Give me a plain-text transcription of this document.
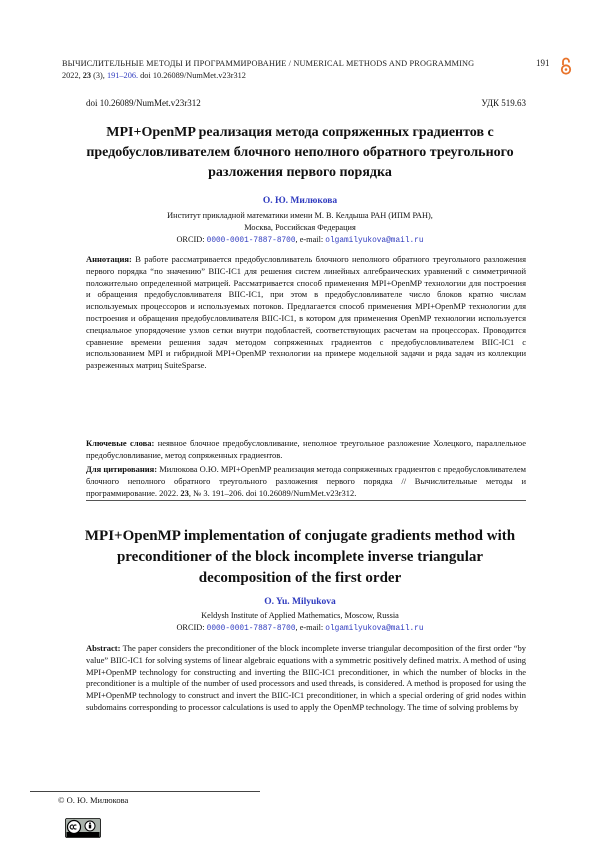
ВЫЧИСЛИТЕЛЬНЫЕ МЕТОДЫ И ПРОГРАММИРОВАНИЕ / NUMERICAL METHODS AND PROGRAMMING
2022, 23 (3), 191–206. doi 10.26089/NumMet.v23r312
191
doi 10.26089/NumMet.v23r312	УДК 519.63
MPI+OpenMP реализация метода сопряженных градиентов с предобусловливателем блочного неполного обратного треугольного разложения первого порядка
О. Ю. Милюкова
Институт прикладной математики имени М. В. Келдыша РАН (ИПМ РАН),
Москва, Российская Федерация
ORCID: 0000-0001-7887-8700, e-mail: olgamilyukova@mail.ru
Аннотация: В работе рассматривается предобусловливатель блочного неполного обратного треугольного разложения первого порядка “по значению” BIIC-IC1 для решения систем линейных алгебраических уравнений с симметричной положительно определенной матрицей. Рассматривается способ применения MPI+OpenMP технологии для построения и обращения предобусловливателя BIIC-IC1, при этом в предобусловливателе число блоков кратно числам используемых процессоров и используемых потоков. Предлагается способ применения MPI+OpenMP технологии для построения и обращения предобусловливателя BIIC-IC1, в котором для применения OpenMP технологии используется специальное упорядочение узлов сетки внутри подобластей, соответствующих расчетам на процессорах. Проводится сравнение времени решения задач методом сопряженных градиентов с предобусловливателем BIIC-IC1 с использованием MPI и гибридной MPI+OpenMP технологии на примере модельной задачи и ряда задач из коллекции разреженных матриц SuiteSparse.
Ключевые слова: неявное блочное предобусловливание, неполное треугольное разложение Холецкого, параллельное предобусловливание, метод сопряженных градиентов.
Для цитирования: Милюкова О.Ю. MPI+OpenMP реализация метода сопряженных градиентов с предобусловливателем блочного неполного обратного треугольного разложения первого порядка // Вычислительные методы и программирование. 2022. 23, № 3. 191–206. doi 10.26089/NumMet.v23r312.
MPI+OpenMP implementation of conjugate gradients method with preconditioner of the block incomplete inverse triangular decomposition of the first order
O. Yu. Milyukova
Keldysh Institute of Applied Mathematics, Moscow, Russia
ORCID: 0000-0001-7887-8700, e-mail: olgamilyukova@mail.ru
Abstract: The paper considers the preconditioner of the block incomplete inverse triangular decomposition of the first order “by value” BIIC-IC1 for solving systems of linear algebraic equations with a symmetric positively defined matrix. A method of using MPI+OpenMP technology for constructing and inverting the BIIC-IC1 preconditioner, in which the number of blocks in the preconditioner is a multiple of the number of used processors and used threads, is considered. A method is proposed for using the MPI+OpenMP technology to construct and invert the BIIC-IC1 preconditioner, in which a special ordering of grid nodes within subdomains corresponding to processor calculations is used to apply the OpenMP technology. The time of solving problems by
© О. Ю. Милюкова
